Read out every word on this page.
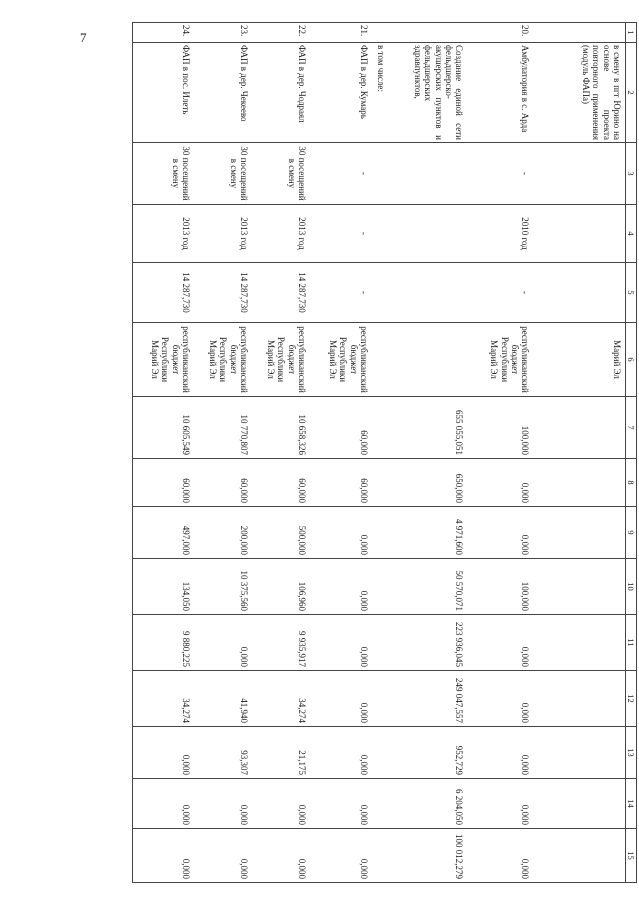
7	1	2	3	4	5	6	7	8	9	10	11	12	13	14	15
	в смену в пгт Юрино на основе проекта повторного применения (модуль ФАПа)				Марий Эл									
20.	Амбулатория в с. Арда	-	2010 год	-	республиканский бюджет Республики Марий Эл	100,000	0,000	0,000	100,000	0,000	0,000	0,000	0,000	0,000
	Создание единой сети фельдшерско-акушерских пунктов и фельдшерских здравпунктов,					655 055,051	650,000	4 971,600	50 570,071	223 936,045	249 047,557	952,729	6 204,050	100 012,279
	в том числе:													
21.	ФАП в дер. Кумарь	-	-	-	республиканский бюджет Республики Марий Эл	60,000	60,000	0,000	0,000	0,000	0,000	0,000	0,000	0,000
22.	ФАП в дер. Чодраял	30 посещений в смену	2013 год	14 287,730	республиканский бюджет Республики Марий Эл	10 658,326	60,000	500,000	106,960	9 935,917	34,274	21,175	0,000	0,000
23.	ФАП в дер. Чекеево	30 посещений в смену	2013 год	14 287,730	республиканский бюджет Республики Марий Эл	10 770,807	60,000	200,000	10 375,560	0,000	41,940	93,307	0,000	0,000
24.	ФАП в пос. Илеть	30 посещений в смену	2013 год	14 287,730	республиканский бюджет Республики Марий Эл	10 605,549	60,000	497,000	134,050	9 880,225	34,274	0,000	0,000	0,000
